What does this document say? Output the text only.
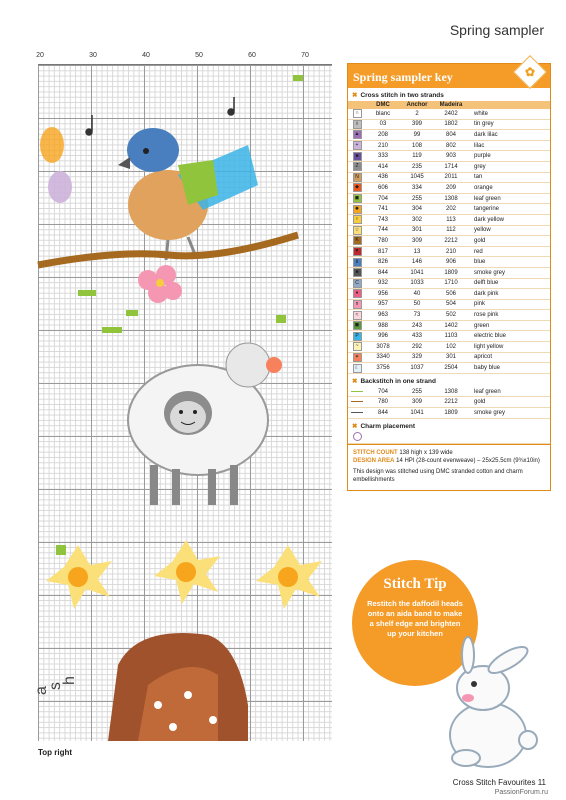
Spring sampler
20	30	40	50	60	70
a
s
h
Top right
Spring sampler key	✿
✖ Cross stitch in two strands
	DMC	Anchor	Madeira	
∩	blanc	2	2402	white
◊	03	399	1802	tin grey
▲	208	99	804	dark lilac
+	210	108	802	lilac
■	333	119	903	purple
Z	414	235	1714	grey
N	436	1045	2011	tan
◆	606	334	209	orange
◼	704	255	1308	leaf green
✹	741	304	202	tangerine
♀	743	302	113	dark yellow
☆	744	301	112	yellow
K	780	309	2212	gold
♥	817	13	210	red
Ⅱ	826	146	906	blue
■	844	1041	1809	smoke grey
С	932	1033	1710	delft blue
♦	956	40	506	dark pink
¤	957	50	504	pink
≈	963	73	502	rose pink
◼	988	243	1402	green
P	996	433	1103	electric blue
~	3078	292	102	light yellow
✶	3340	329	301	apricot
☾	3756	1037	2504	baby blue
✖ Backstitch in one strand
	704	255	1308	leaf green
	780	309	2212	gold
	844	1041	1809	smoke grey
✖ Charm placement

STITCH COUNT 138 high x 139 wide
DESIGN AREA 14 HPI (28-count evenweave) – 25x25.5cm (9¾x10in)
This design was stitched using DMC stranded cotton and charm embellishments
Stitch Tip
Restitch the daffodil heads onto an aida band to make a shelf edge and brighten up your kitchen
Cross Stitch Favourites 11
PassionForum.ru
